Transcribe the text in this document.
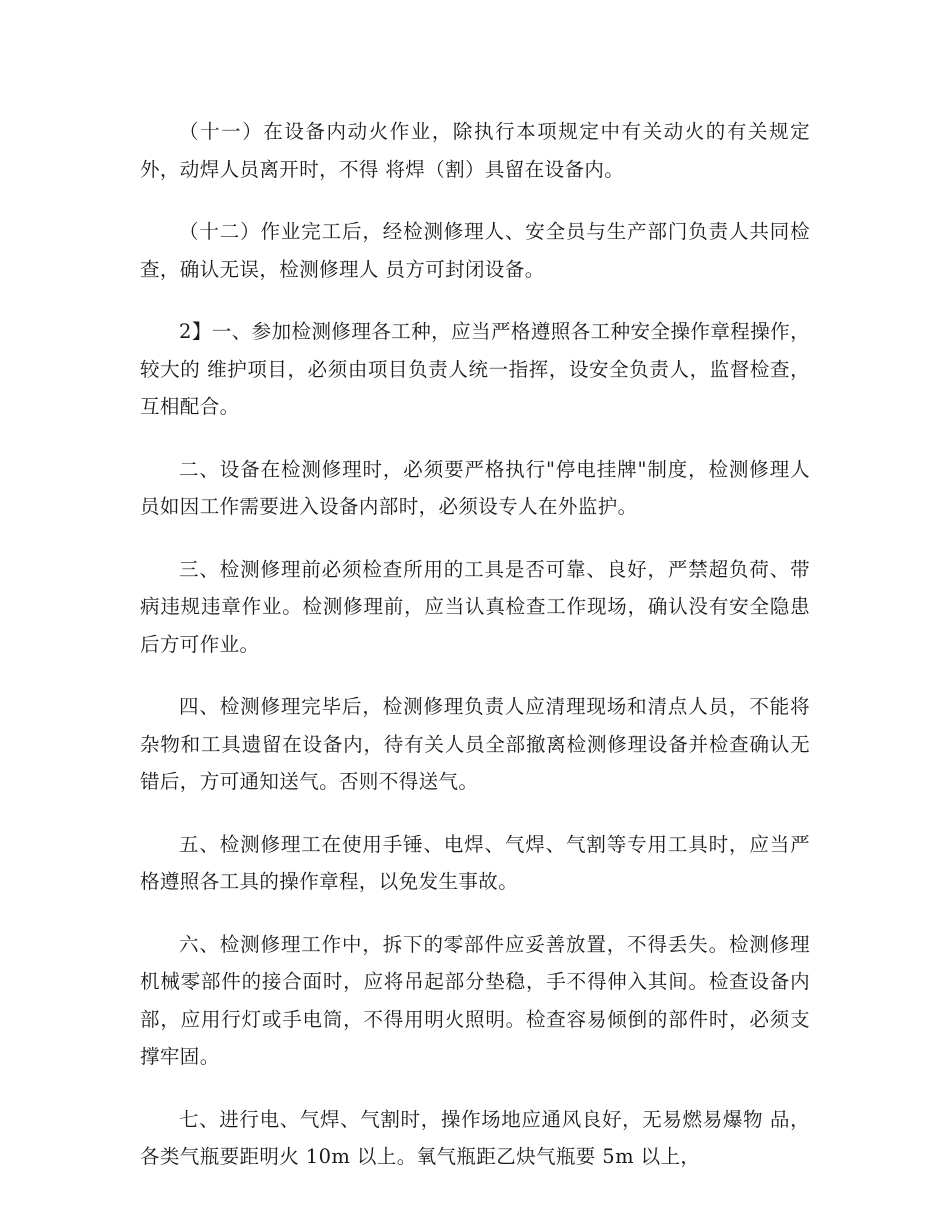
（十一）在设备内动火作业，除执行本项规定中有关动火的有关规定外，动焊人员离开时，不得 将焊（割）具留在设备内。

（十二）作业完工后，经检测修理人、安全员与生产部门负责人共同检查，确认无误，检测修理人 员方可封闭设备。

2】一、参加检测修理各工种，应当严格遵照各工种安全操作章程操作，较大的 维护项目，必须由项目负责人统一指挥，设安全负责人，监督检查，互相配合。

二、设备在检测修理时，必须要严格执行"停电挂牌"制度，检测修理人员如因工作需要进入设备内部时，必须设专人在外监护。

三、检测修理前必须检查所用的工具是否可靠、良好，严禁超负荷、带病违规违章作业。检测修理前，应当认真检查工作现场，确认没有安全隐患后方可作业。

四、检测修理完毕后，检测修理负责人应清理现场和清点人员，不能将杂物和工具遗留在设备内，待有关人员全部撤离检测修理设备并检查确认无错后，方可通知送气。否则不得送气。

五、检测修理工在使用手锤、电焊、气焊、气割等专用工具时，应当严格遵照各工具的操作章程，以免发生事故。

六、检测修理工作中，拆下的零部件应妥善放置，不得丢失。检测修理机械零部件的接合面时，应将吊起部分垫稳，手不得伸入其间。检查设备内部，应用行灯或手电筒，不得用明火照明。检查容易倾倒的部件时，必须支撑牢固。

七、进行电、气焊、气割时，操作场地应通风良好，无易燃易爆物 品，各类气瓶要距明火 10m 以上。氧气瓶距乙炔气瓶要 5m 以上，
